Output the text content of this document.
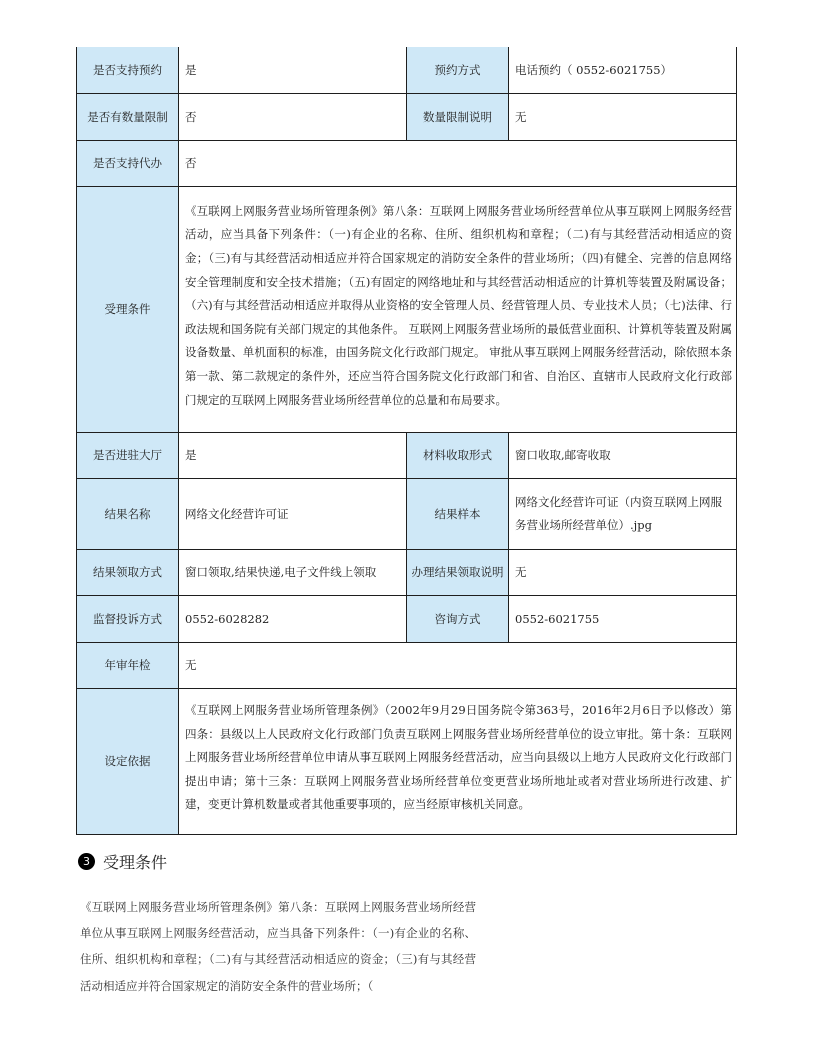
是否支持预约	是	预约方式	电话预约（ 0552-6021755）
是否有数量限制	否	数量限制说明	无
是否支持代办	否		
受理条件	《互联网上网服务营业场所管理条例》第八条：互联网上网服务营业场所经营单位从事互联网上网服务经营活动，应当具备下列条件：（一)有企业的名称、住所、组织机构和章程；（二)有与其经营活动相适应的资金；（三)有与其经营活动相适应并符合国家规定的消防安全条件的营业场所；（四)有健全、完善的信息网络安全管理制度和安全技术措施；（五)有固定的网络地址和与其经营活动相适应的计算机等装置及附属设备；（六)有与其经营活动相适应并取得从业资格的安全管理人员、经营管理人员、专业技术人员；（七)法律、行政法规和国务院有关部门规定的其他条件。 互联网上网服务营业场所的最低营业面积、计算机等装置及附属设备数量、单机面积的标准，由国务院文化行政部门规定。 审批从事互联网上网服务经营活动，除依照本条第一款、第二款规定的条件外，还应当符合国务院文化行政部门和省、自治区、直辖市人民政府文化行政部门规定的互联网上网服务营业场所经营单位的总量和布局要求。		
是否进驻大厅	是	材料收取形式	窗口收取,邮寄收取
结果名称	网络文化经营许可证	结果样本	网络文化经营许可证（内资互联网上网服务营业场所经营单位）.jpg
结果领取方式	窗口领取,结果快递,电子文件线上领取	办理结果领取说明	无
监督投诉方式	0552-6028282	咨询方式	0552-6021755
年审年检	无		
设定依据	《互联网上网服务营业场所管理条例》（2002年9月29日国务院令第363号，2016年2月6日予以修改）第四条：县级以上人民政府文化行政部门负责互联网上网服务营业场所经营单位的设立审批。第十条：互联网上网服务营业场所经营单位申请从事互联网上网服务经营活动，应当向县级以上地方人民政府文化行政部门提出申请；第十三条：互联网上网服务营业场所经营单位变更营业场所地址或者对营业场所进行改建、扩建，变更计算机数量或者其他重要事项的，应当经原审核机关同意。		
3 受理条件
《互联网上网服务营业场所管理条例》第八条：互联网上网服务营业场所经营单位从事互联网上网服务经营活动，应当具备下列条件：（一)有企业的名称、住所、组织机构和章程；（二)有与其经营活动相适应的资金；（三)有与其经营活动相适应并符合国家规定的消防安全条件的营业场所；（
